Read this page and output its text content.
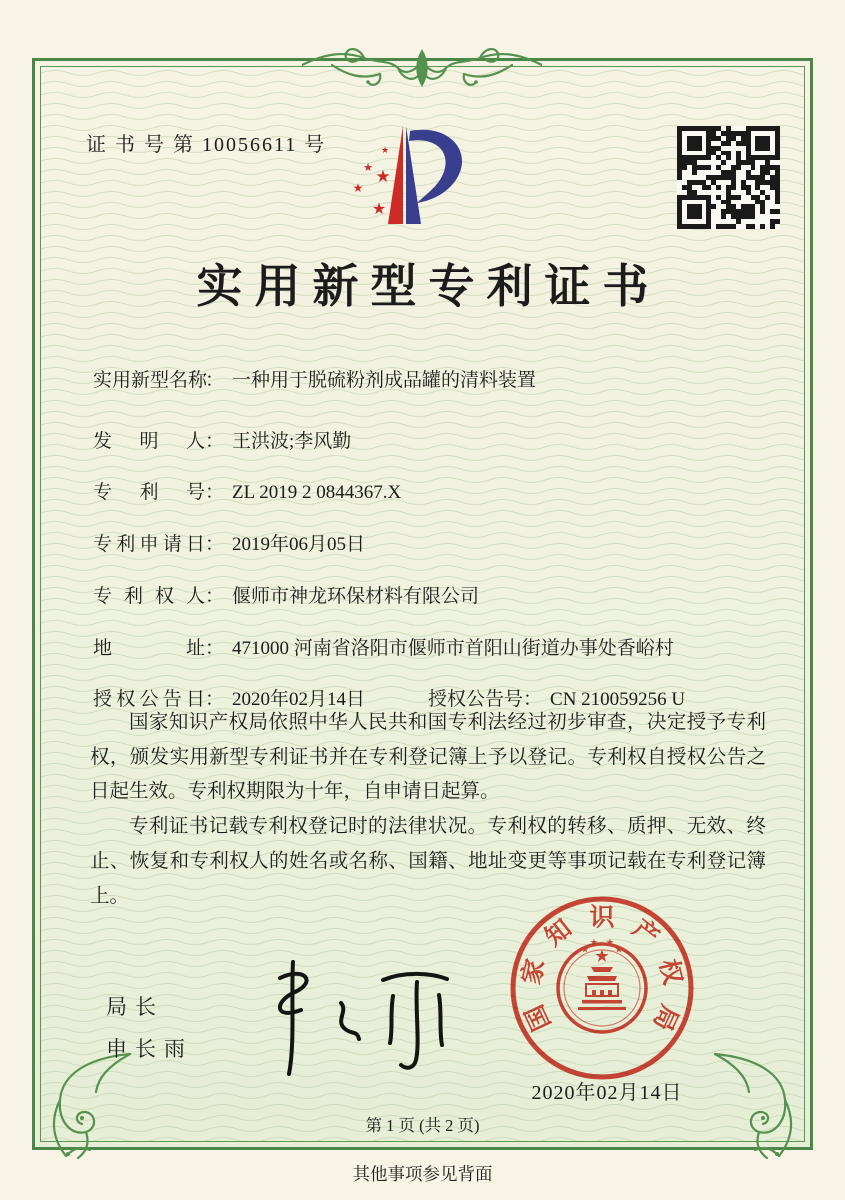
证 书 号 第 10056611 号	★
★ ★
★
★
实用新型专利证书
实用新型名称： 一种用于脱硫粉剂成品罐的清料装置
发明人： 王洪波;李风勤
专利号： ZL 2019 2 0844367.X
专利申请日： 2019年06月05日
专利权人： 偃师市神龙环保材料有限公司
地址： 471000 河南省洛阳市偃师市首阳山街道办事处香峪村
授权公告日： 2020年02月14日	授权公告号： CN 210059256 U

国家知识产权局依照中华人民共和国专利法经过初步审查，决定授予专利权，颁发实用新型专利证书并在专利登记簿上予以登记。专利权自授权公告之日起生效。专利权期限为十年，自申请日起算。

专利证书记载专利权登记时的法律状况。专利权的转移、质押、无效、终止、恢复和专利权人的姓名或名称、国籍、地址变更等事项记载在专利登记簿上。

局长
申长雨
国
家
知 识 产
权
局
★
★
★ ★
★
2020年02月14日
第 1 页 (共 2 页)
其他事项参见背面
